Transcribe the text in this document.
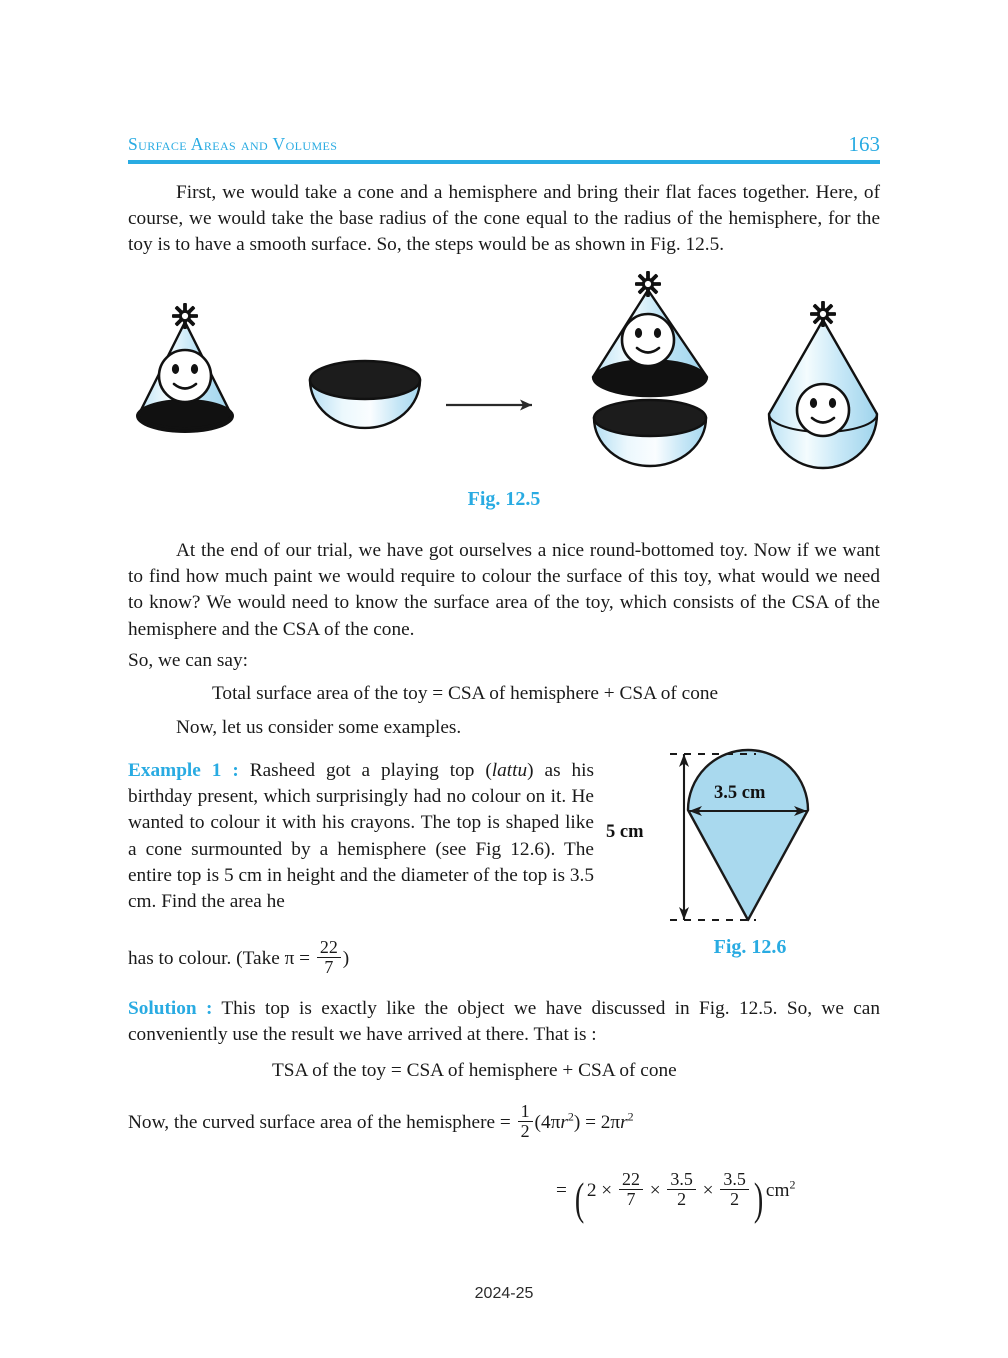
Surface Areas and Volumes	163
First, we would take a cone and a hemisphere and bring their flat faces together. Here, of course, we would take the base radius of the cone equal to the radius of the hemisphere, for the toy is to have a smooth surface. So, the steps would be as shown in Fig. 12.5.
Fig. 12.5
At the end of our trial, we have got ourselves a nice round-bottomed toy. Now if we want to find how much paint we would require to colour the surface of this toy, what would we need to know? We would need to know the surface area of the toy, which consists of the CSA of the hemisphere and the CSA of the cone.
So, we can say:
Total surface area of the toy = CSA of hemisphere + CSA of cone
Now, let us consider some examples.
Example 1 : Rasheed got a playing top (lattu) as his birthday present, which surprisingly had no colour on it. He wanted to colour it with his crayons. The top is shaped like a cone surmounted by a hemisphere (see Fig 12.6). The entire top is 5 cm in height and the diameter of the top is 3.5 cm. Find the area he
has to colour. (Take $\pi = \frac{22}{7}$ )
5 cm
3.5 cm
Fig. 12.6
Solution : This top is exactly like the object we have discussed in Fig. 12.5. So, we can conveniently use the result we have arrived at there. That is :
TSA of the toy = CSA of hemisphere + CSA of cone
Now, the curved surface area of the hemisphere = $\frac{1}{2} (4\pi r^2) = 2\pi r^2$
= ( $2 \times \frac{22}{7} \times \frac{3.5}{2} \times \frac{3.5}{2}$ ) $cm^2$
2024-25
